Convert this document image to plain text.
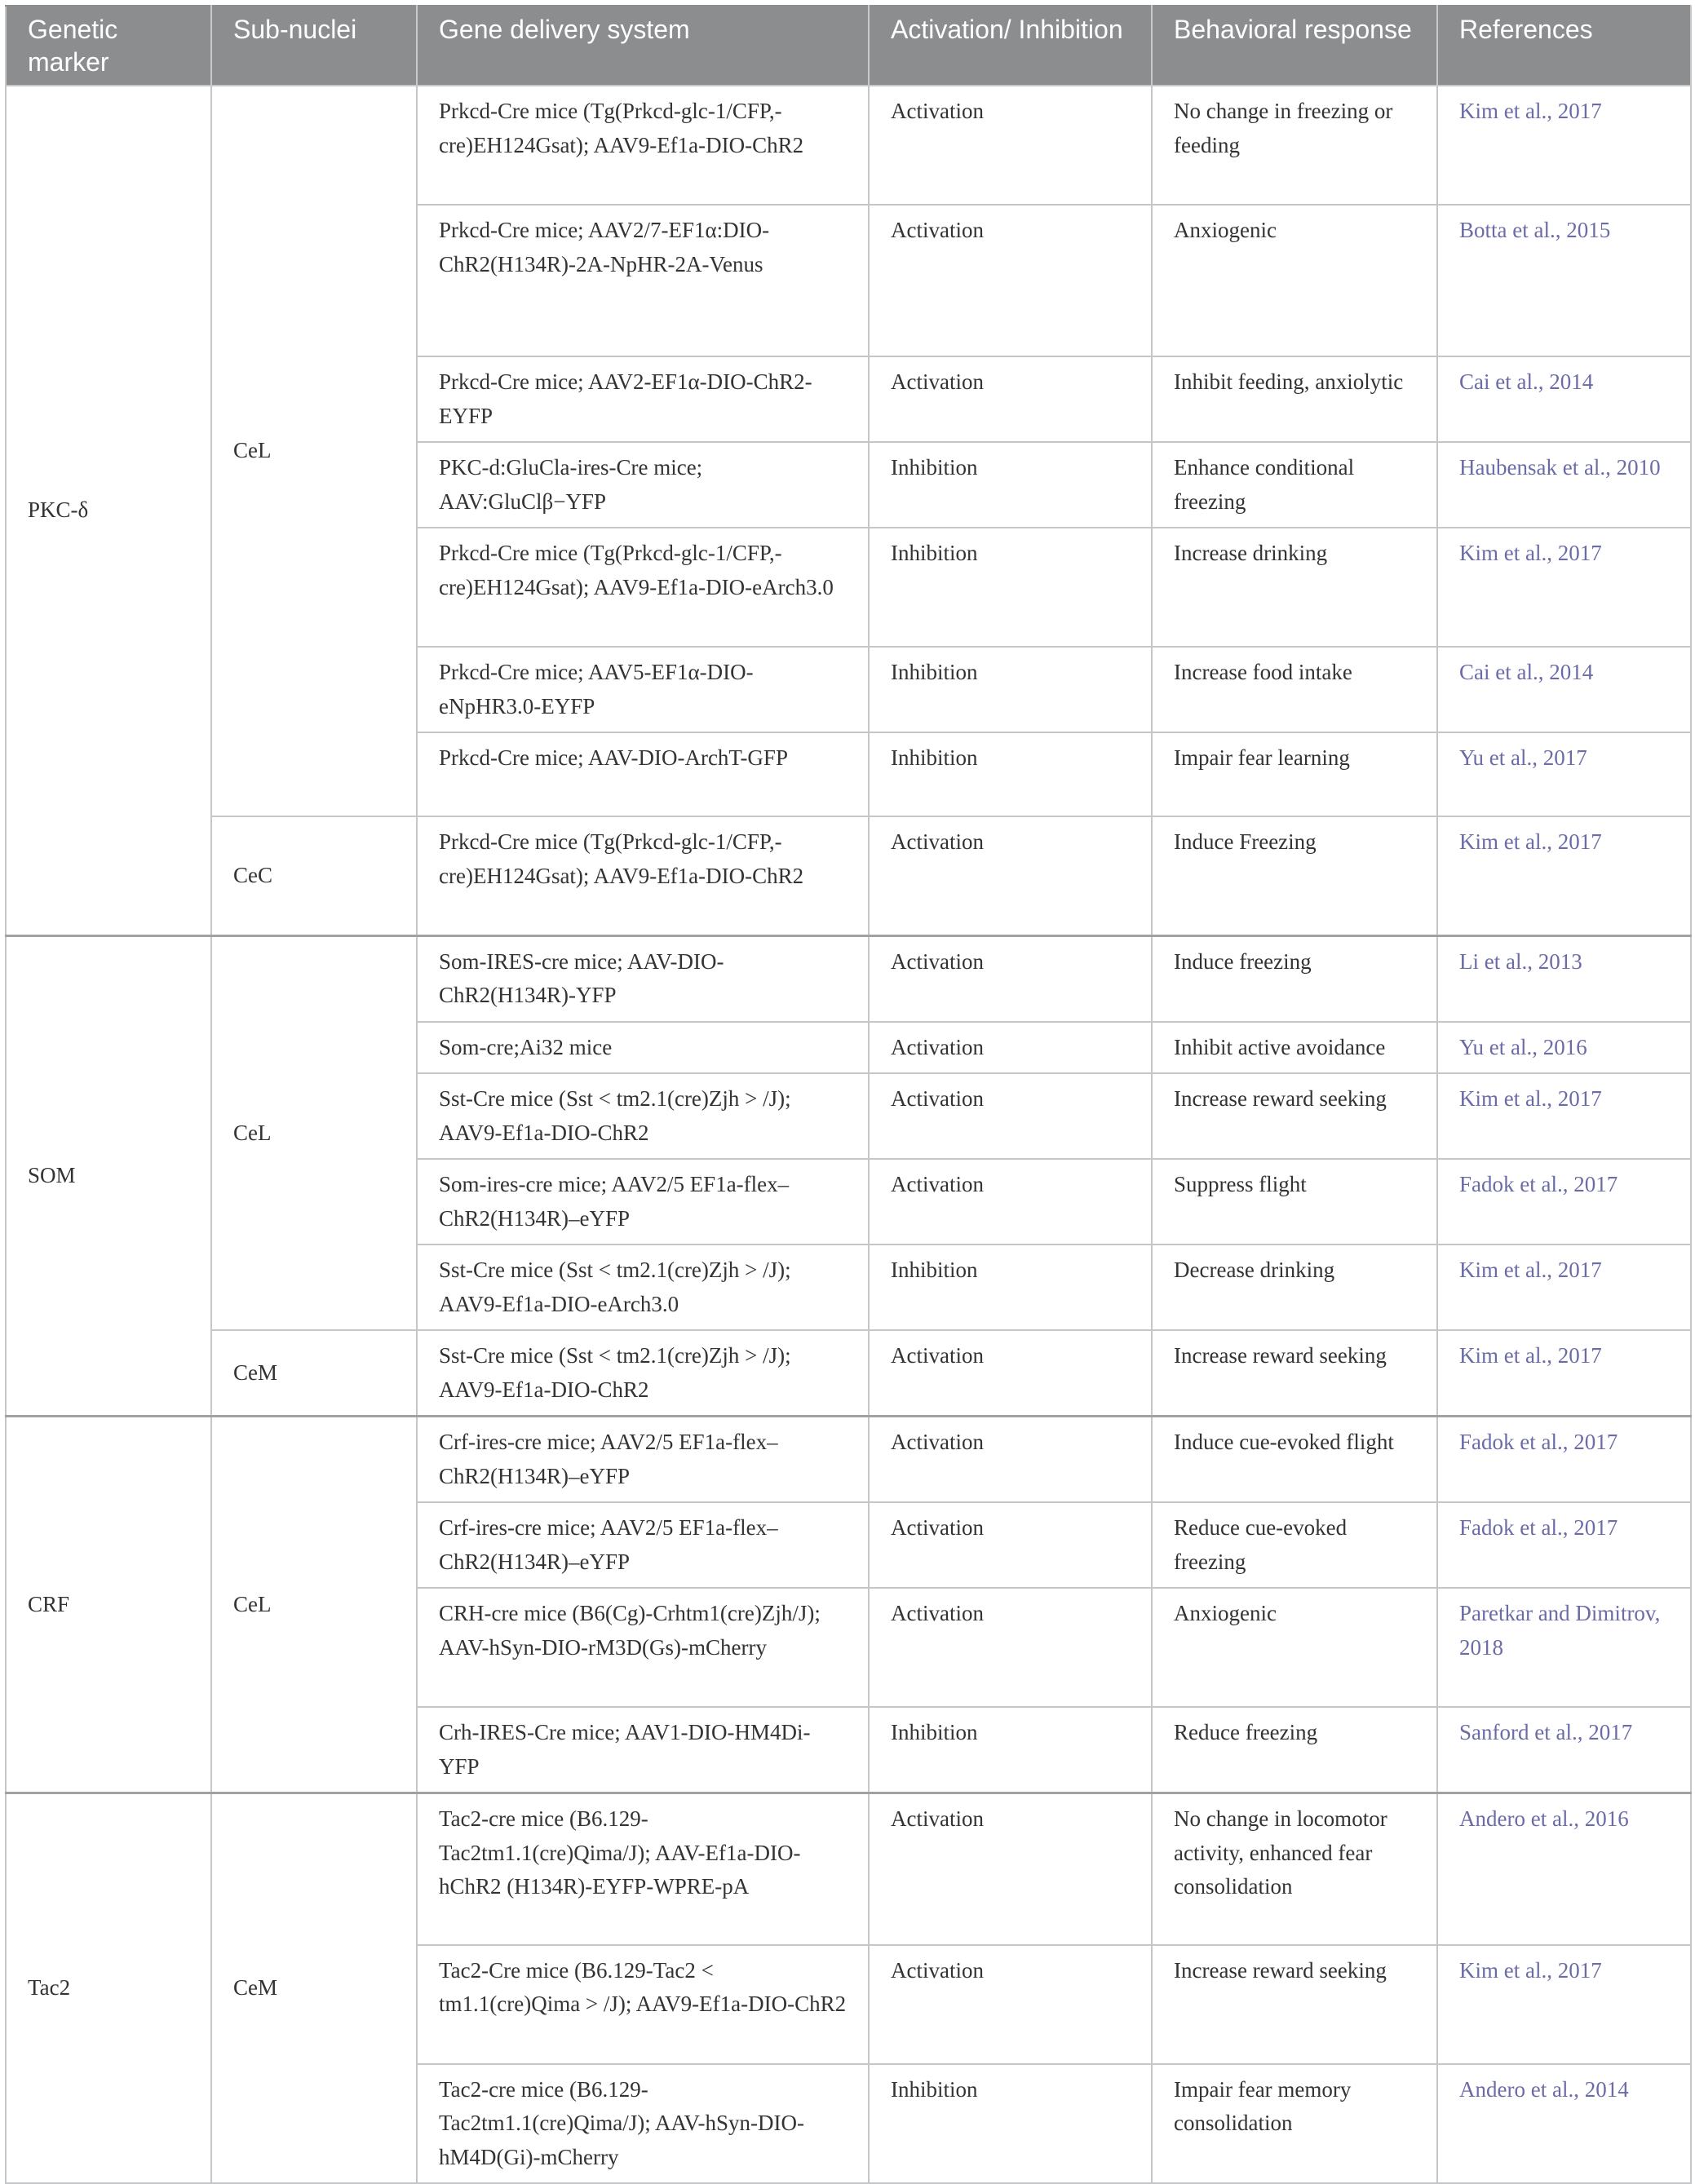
Genetic marker	Sub-nuclei	Gene delivery system	Activation/ Inhibition	Behavioral response	References
PKC-δ	CeL	Prkcd-Cre mice (Tg(Prkcd-glc-1/CFP,-cre)EH124Gsat); AAV9-Ef1a-DIO-ChR2	Activation	No change in freezing or feeding	Kim et al., 2017
		Prkcd-Cre mice; AAV2/7-EF1α:DIO-ChR2(H134R)-2A-NpHR-2A-Venus	Activation	Anxiogenic	Botta et al., 2015
		Prkcd-Cre mice; AAV2-EF1α-DIO-ChR2-EYFP	Activation	Inhibit feeding, anxiolytic	Cai et al., 2014
		PKC-d:GluCla-ires-Cre mice; AAV:GluClβ−YFP	Inhibition	Enhance conditional freezing	Haubensak et al., 2010
		Prkcd-Cre mice (Tg(Prkcd-glc-1/CFP,-cre)EH124Gsat); AAV9-Ef1a-DIO-eArch3.0	Inhibition	Increase drinking	Kim et al., 2017
		Prkcd-Cre mice; AAV5-EF1α-DIO-eNpHR3.0-EYFP	Inhibition	Increase food intake	Cai et al., 2014
		Prkcd-Cre mice; AAV-DIO-ArchT-GFP	Inhibition	Impair fear learning	Yu et al., 2017
	CeC	Prkcd-Cre mice (Tg(Prkcd-glc-1/CFP,-cre)EH124Gsat); AAV9-Ef1a-DIO-ChR2	Activation	Induce Freezing	Kim et al., 2017
SOM	CeL	Som-IRES-cre mice; AAV-DIO-ChR2(H134R)-YFP	Activation	Induce freezing	Li et al., 2013
		Som-cre;Ai32 mice	Activation	Inhibit active avoidance	Yu et al., 2016
		Sst-Cre mice (Sst < tm2.1(cre)Zjh > /J); AAV9-Ef1a-DIO-ChR2	Activation	Increase reward seeking	Kim et al., 2017
		Som-ires-cre mice; AAV2/5 EF1a-flex–ChR2(H134R)–eYFP	Activation	Suppress flight	Fadok et al., 2017
		Sst-Cre mice (Sst < tm2.1(cre)Zjh > /J); AAV9-Ef1a-DIO-eArch3.0	Inhibition	Decrease drinking	Kim et al., 2017
	CeM	Sst-Cre mice (Sst < tm2.1(cre)Zjh > /J); AAV9-Ef1a-DIO-ChR2	Activation	Increase reward seeking	Kim et al., 2017
CRF	CeL	Crf-ires-cre mice; AAV2/5 EF1a-flex–ChR2(H134R)–eYFP	Activation	Induce cue-evoked flight	Fadok et al., 2017
		Crf-ires-cre mice; AAV2/5 EF1a-flex–ChR2(H134R)–eYFP	Activation	Reduce cue-evoked freezing	Fadok et al., 2017
		CRH-cre mice (B6(Cg)-Crhtm1(cre)Zjh/J); AAV-hSyn-DIO-rM3D(Gs)-mCherry	Activation	Anxiogenic	Paretkar and Dimitrov, 2018
		Crh-IRES-Cre mice; AAV1-DIO-HM4Di-YFP	Inhibition	Reduce freezing	Sanford et al., 2017
Tac2	CeM	Tac2-cre mice (B6.129-Tac2tm1.1(cre)Qima/J); AAV-Ef1a-DIO-hChR2 (H134R)-EYFP-WPRE-pA	Activation	No change in locomotor activity, enhanced fear consolidation	Andero et al., 2016
		Tac2-Cre mice (B6.129-Tac2 < tm1.1(cre)Qima > /J); AAV9-Ef1a-DIO-ChR2	Activation	Increase reward seeking	Kim et al., 2017
		Tac2-cre mice (B6.129-Tac2tm1.1(cre)Qima/J); AAV-hSyn-DIO-hM4D(Gi)-mCherry	Inhibition	Impair fear memory consolidation	Andero et al., 2014
